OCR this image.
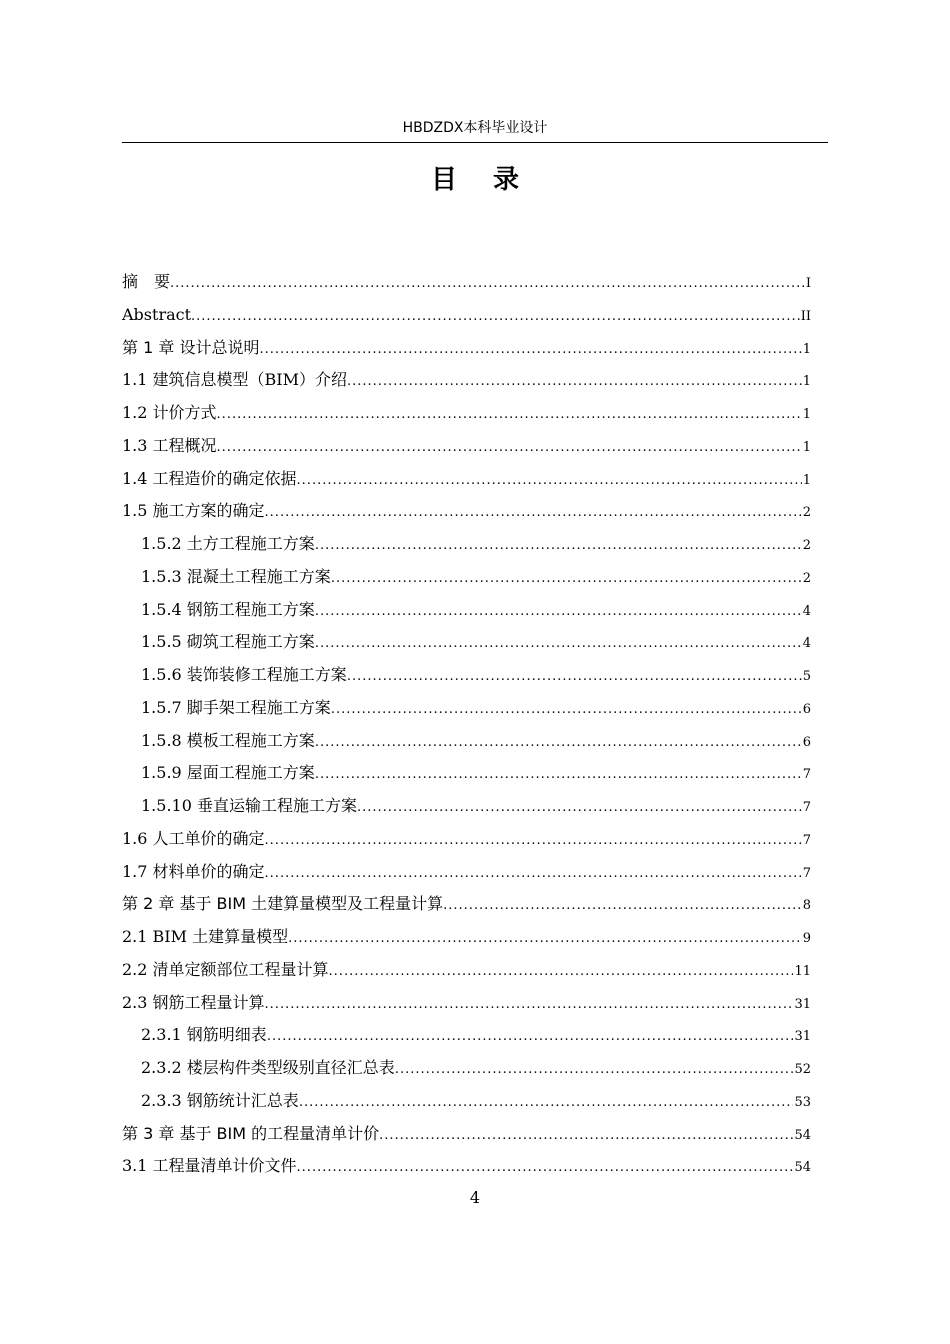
HBDZDX本科毕业设计
目录
摘　要 .....	I
Abstract .....	II
第 1 章 设计总说明 .....	1
1.1 建筑信息模型（BIM）介绍 .....	1
1.2 计价方式 .....	1
1.3 工程概况 .....	1
1.4 工程造价的确定依据 .....	1
1.5 施工方案的确定 .....	2
1.5.2 土方工程施工方案 .....	2
1.5.3 混凝土工程施工方案 .....	2
1.5.4 钢筋工程施工方案 .....	4
1.5.5 砌筑工程施工方案 .....	4
1.5.6 装饰装修工程施工方案 .....	5
1.5.7 脚手架工程施工方案 .....	6
1.5.8 模板工程施工方案 .....	6
1.5.9 屋面工程施工方案 .....	7
1.5.10 垂直运输工程施工方案 .....	7
1.6 人工单价的确定 .....	7
1.7 材料单价的确定 .....	7
第 2 章 基于 BIM 土建算量模型及工程量计算 .....	8
2.1 BIM 土建算量模型 .....	9
2.2 清单定额部位工程量计算 .....	11
2.3 钢筋工程量计算 .....	31
2.3.1 钢筋明细表 .....	31
2.3.2 楼层构件类型级别直径汇总表 .....	52
2.3.3 钢筋统计汇总表 .....	53
第 3 章 基于 BIM 的工程量清单计价 .....	54
3.1 工程量清单计价文件 .....	54
4
